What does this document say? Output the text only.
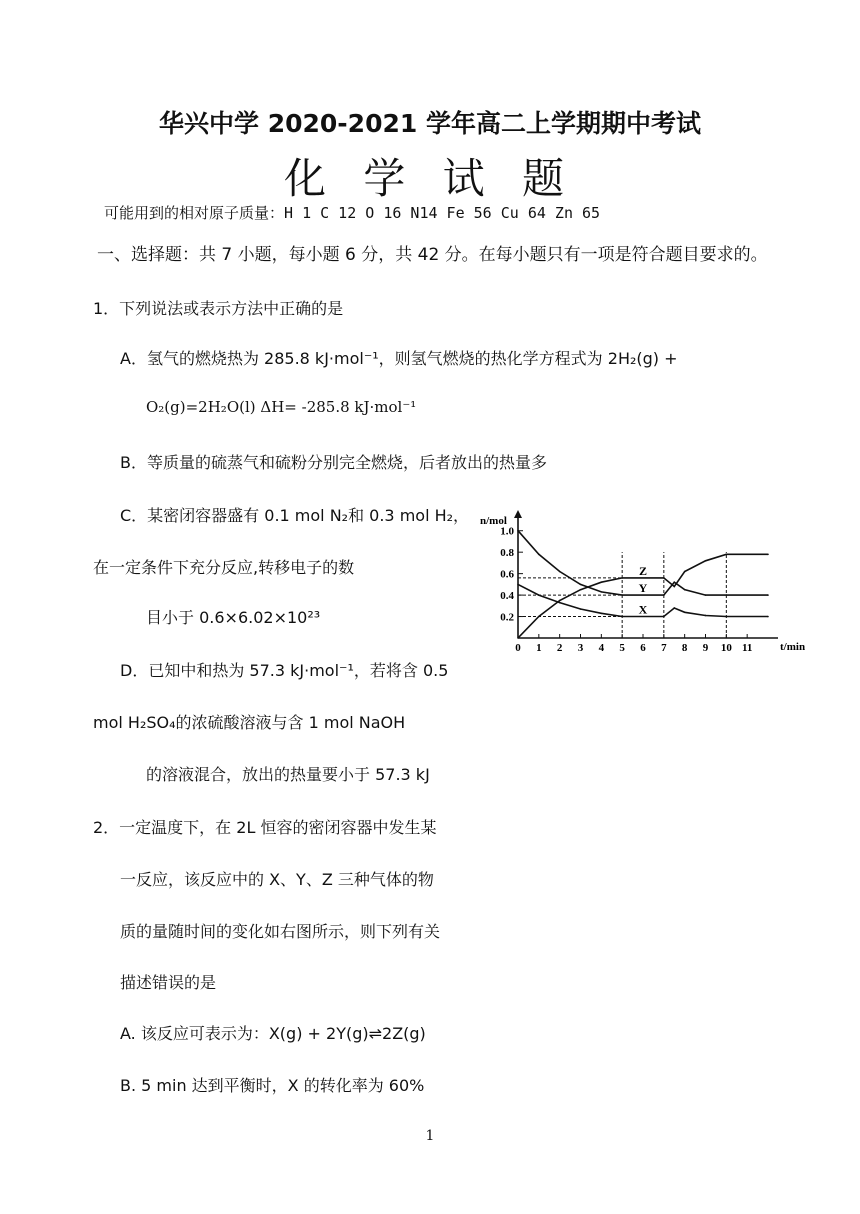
华兴中学 2020-2021 学年高二上学期期中考试
化 学 试 题
可能用到的相对原子质量：H 1 C 12 O 16 N14 Fe 56 Cu 64 Zn 65
一、选择题：共 7 小题，每小题 6 分，共 42 分。在每小题只有一项是符合题目要求的。
1．下列说法或表示方法中正确的是
A．氢气的燃烧热为 285.8 kJ·mol⁻¹，则氢气燃烧的热化学方程式为 2H₂(g) +
O₂(g)=2H₂O(l) ΔH= -285.8 kJ·mol⁻¹
B．等质量的硫蒸气和硫粉分别完全燃烧，后者放出的热量多
C．某密闭容器盛有 0.1 mol N₂和 0.3 mol H₂，
在一定条件下充分反应,转移电子的数
目小于 0.6×6.02×10²³
D．已知中和热为 57.3 kJ·mol⁻¹，若将含 0.5
mol H₂SO₄的浓硫酸溶液与含 1 mol NaOH
的溶液混合，放出的热量要小于 57.3 kJ
2．一定温度下，在 2L 恒容的密闭容器中发生某
一反应，该反应中的 X、Y、Z 三种气体的物
质的量随时间的变化如右图所示，则下列有关
描述错误的是
A. 该反应可表示为：X(g) + 2Y(g)⇌2Z(g)
B. 5 min 达到平衡时，X 的转化率为 60%
1
0.2
0.4
0.6
0.8
1.0
0 1 2 3 4 5 6 7 8 9 10 11
n/mol
t/min
Z
Y
X
